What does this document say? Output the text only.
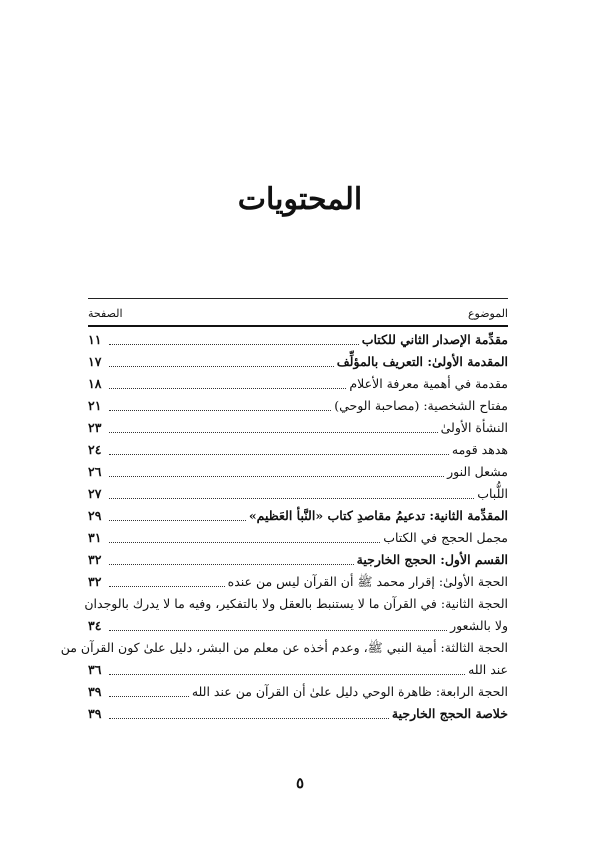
المحتويات
الموضوع
الصفحة
مقدِّمة الإصدار الثاني للكتاب
١١
المقدمة الأولىٰ: التعريف بالمؤلِّف
١٧
مقدمة في أهمية معرفة الأعلام
١٨
مفتاح الشخصية: (مصاحبة الوحي)
٢١
النشأة الأولىٰ
٢٣
هدهد قومه
٢٤
مشعل النور
٢٦
اللُّباب
٢٧
المقدِّمة الثانية: تدعيمُ مقاصدِ كتاب «النَّبأ العَظيم»
٢٩
مجمل الحجج في الكتاب
٣١
القسم الأول: الحجج الخارجية
٣٢
الحجة الأولىٰ: إقرار محمد ﷺ أن القرآن ليس من عنده
٣٢
الحجة الثانية: في القرآن ما لا يستنبط بالعقل ولا بالتفكير، وفيه ما لا يدرك بالوجدان
ولا بالشعور
٣٤
الحجة الثالثة: أمية النبي ﷺ، وعدم أخذه عن معلم من البشر، دليل علىٰ كون القرآن من
عند الله
٣٦
الحجة الرابعة: ظاهرة الوحي دليل علىٰ أن القرآن من عند الله
٣٩
خلاصة الحجج الخارجية
٣٩
٥
